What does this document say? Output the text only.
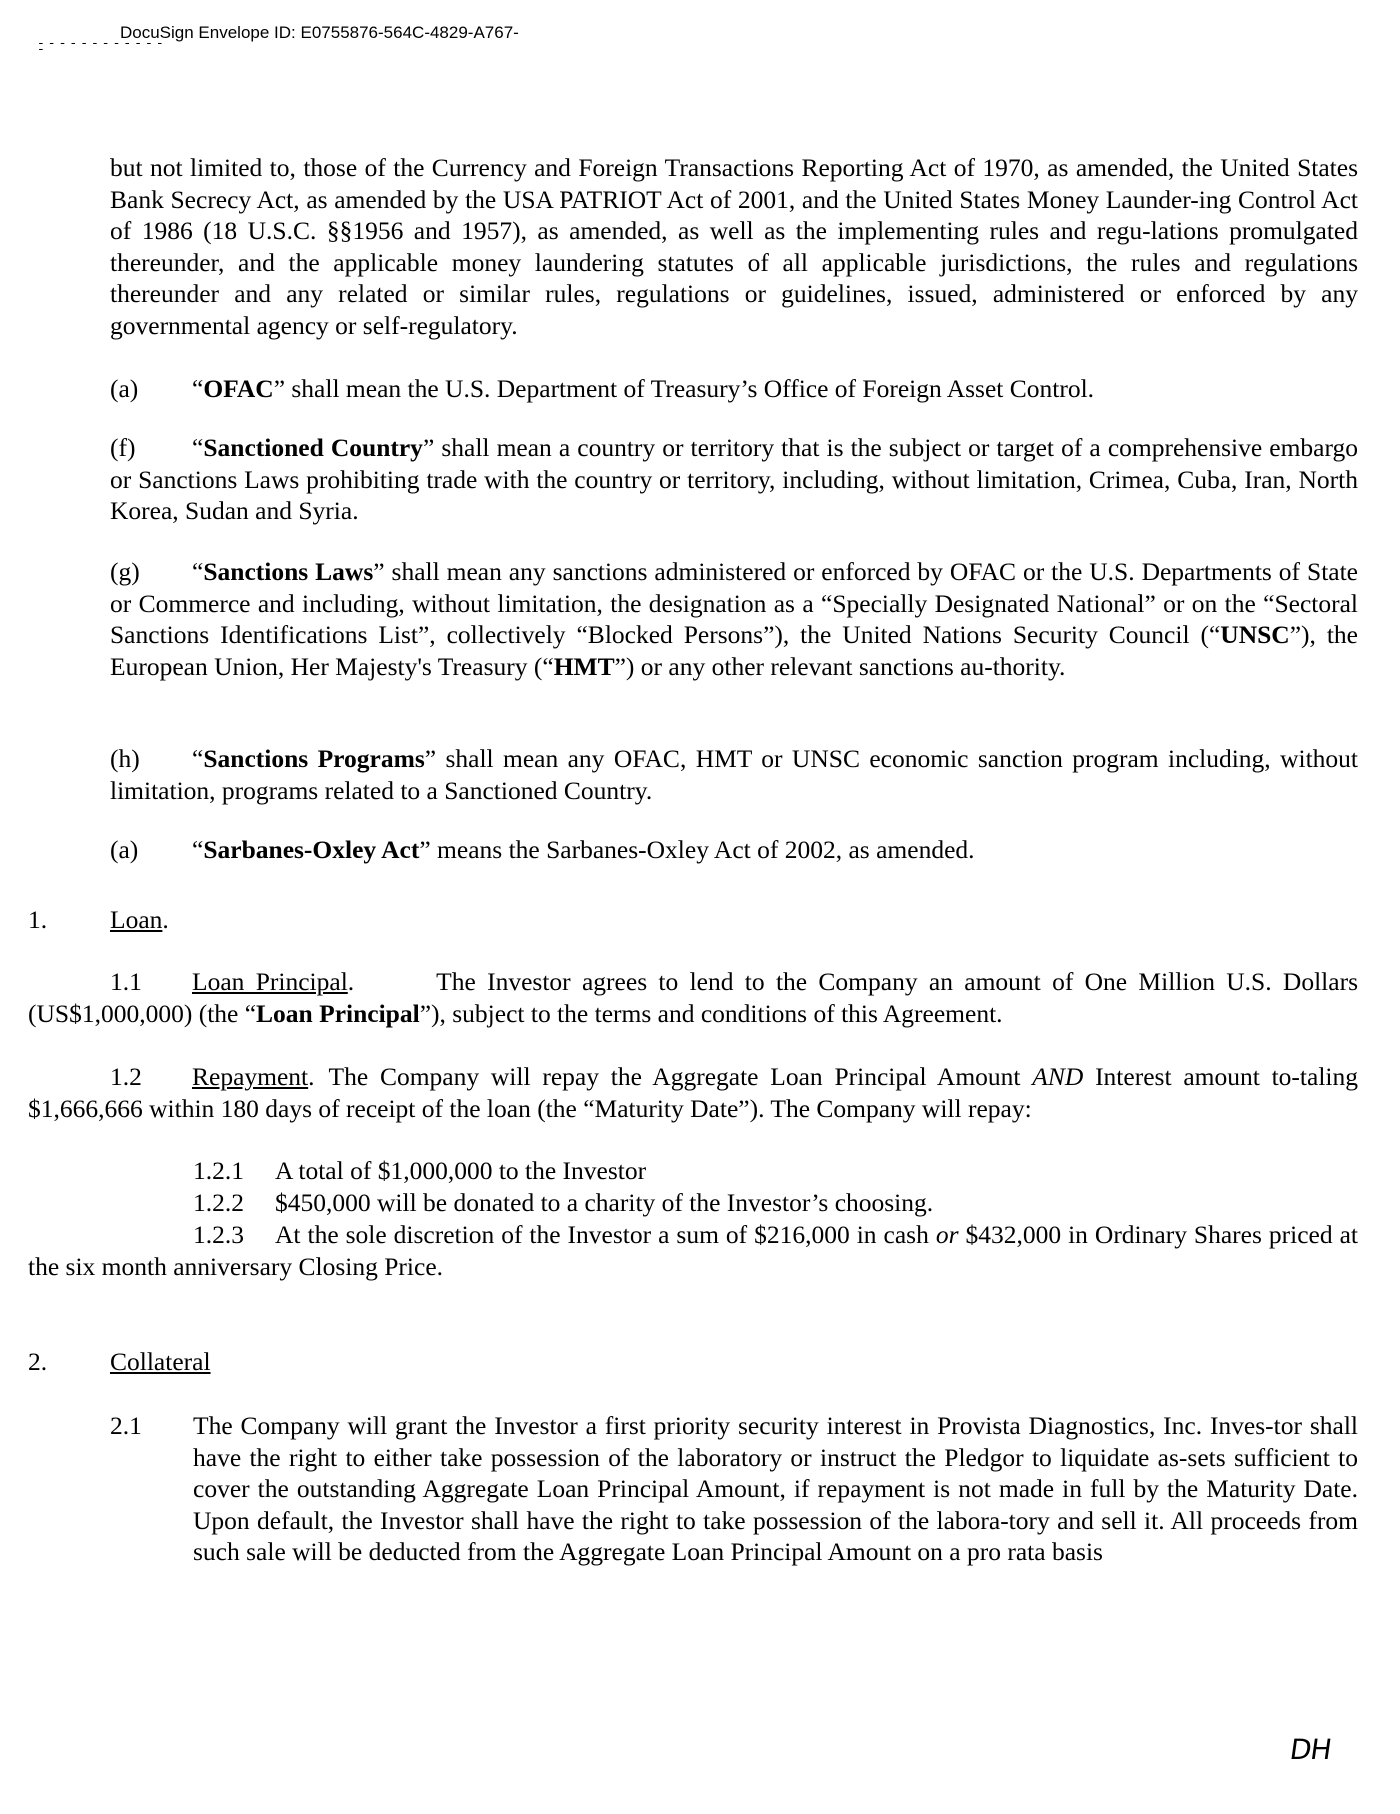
DocuSign Envelope ID: E0755876-564C-4829-A767-
-------------

but not limited to, those of the Currency and Foreign Transactions Reporting Act of 1970, as amended, the United States Bank Secrecy Act, as amended by the USA PATRIOT Act of 2001, and the United States Money Launder-ing Control Act of 1986 (18 U.S.C. §§1956 and 1957), as amended, as well as the implementing rules and regu-lations promulgated thereunder, and the applicable money laundering statutes of all applicable jurisdictions, the rules and regulations thereunder and any related or similar rules, regulations or guidelines, issued, administered or enforced by any governmental agency or self-regulatory.

(a) “OFAC” shall mean the U.S. Department of Treasury’s Office of Foreign Asset Control.

(f) “Sanctioned Country” shall mean a country or territory that is the subject or target of a comprehensive embargo or Sanctions Laws prohibiting trade with the country or territory, including, without limitation, Crimea, Cuba, Iran, North Korea, Sudan and Syria.

(g) “Sanctions Laws” shall mean any sanctions administered or enforced by OFAC or the U.S. Departments of State or Commerce and including, without limitation, the designation as a “Specially Designated National” or on the “Sectoral Sanctions Identifications List”, collectively “Blocked Persons”), the United Nations Security Council (“UNSC”), the European Union, Her Majesty's Treasury (“HMT”) or any other relevant sanctions au-thority.

(h) “Sanctions Programs” shall mean any OFAC, HMT or UNSC economic sanction program including, without limitation, programs related to a Sanctioned Country.

(a) “Sarbanes-Oxley Act” means the Sarbanes-Oxley Act of 2002, as amended.

1. Loan.

1.1 Loan Principal.	The Investor agrees to lend to the Company an amount of One Million U.S. Dollars (US$1,000,000) (the “Loan Principal”), subject to the terms and conditions of this Agreement.

1.2 Repayment. The Company will repay the Aggregate Loan Principal Amount AND Interest amount to-taling $1,666,666 within 180 days of receipt of the loan (the “Maturity Date”). The Company will repay:

1.2.1 A total of $1,000,000 to the Investor

1.2.2 $450,000 will be donated to a charity of the Investor’s choosing.

1.2.3 At the sole discretion of the Investor a sum of $216,000 in cash or $432,000 in Ordinary Shares priced at the six month anniversary Closing Price.

2. Collateral
2.1 The Company will grant the Investor a first priority security interest in Provista Diagnostics, Inc. Inves-tor shall have the right to either take possession of the laboratory or instruct the Pledgor to liquidate as-sets sufficient to cover the outstanding Aggregate Loan Principal Amount, if repayment is not made in full by the Maturity Date. Upon default, the Investor shall have the right to take possession of the labora-tory and sell it. All proceeds from such sale will be deducted from the Aggregate Loan Principal Amount on a pro rata basis

DH
